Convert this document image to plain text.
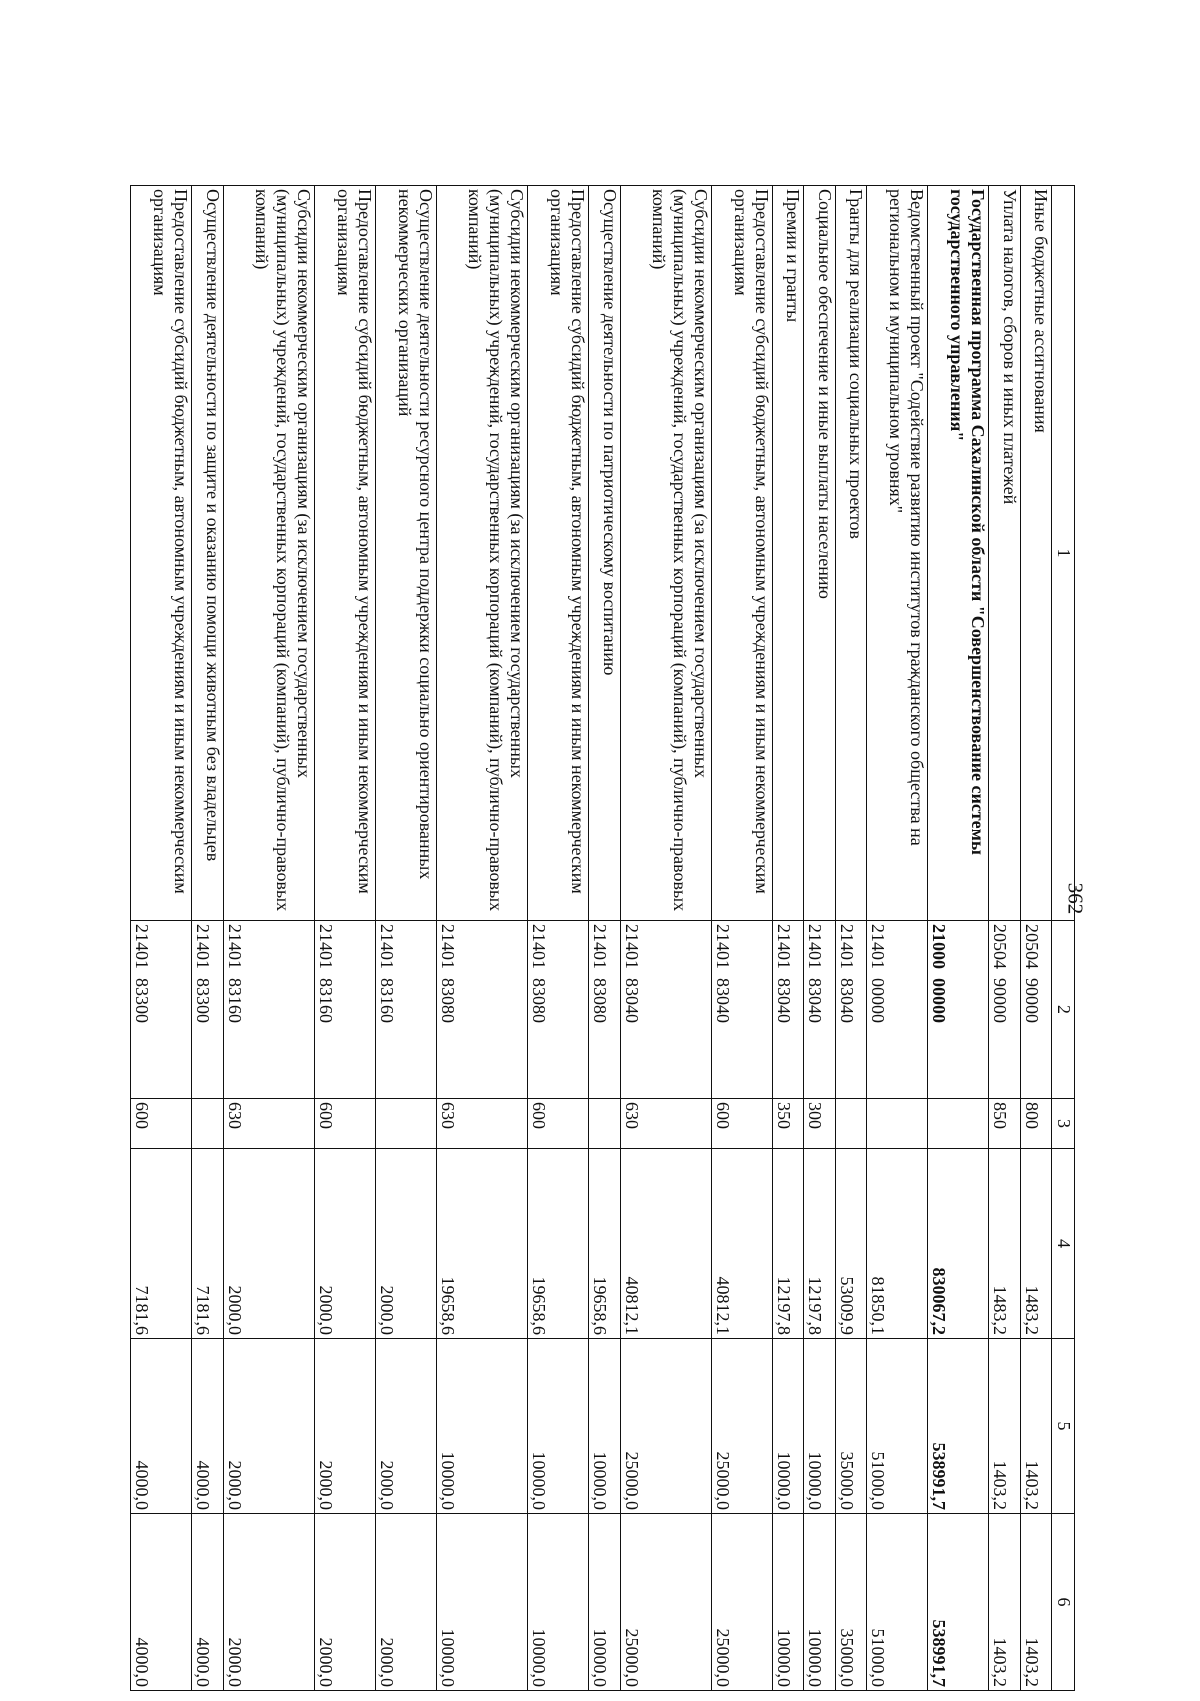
362
1	2	3	4	5	6
Иные бюджетные ассигнования	20504  90000	800	1483,2	1403,2	1403,2
Уплата налогов, сборов и иных платежей	20504  90000	850	1483,2	1403,2	1403,2
Государственная программа Сахалинской области "Совершенствование системы государственного управления"	21000  00000		830067,2	538991,7	538991,7
Ведомственный проект "Содействие развитию институтов гражданского общества на региональном и муниципальном уровнях"	21401  00000		81850,1	51000,0	51000,0
Гранты для реализации социальных проектов	21401  83040		53009,9	35000,0	35000,0
Социальное обеспечение и иные выплаты населению	21401  83040	300	12197,8	10000,0	10000,0
Премии и гранты	21401  83040	350	12197,8	10000,0	10000,0
Предоставление субсидий бюджетным, автономным учреждениям и иным некоммерческим организациям	21401  83040	600	40812,1	25000,0	25000,0
Субсидии некоммерческим организациям (за исключением государственных (муниципальных) учреждений, государственных корпораций (компаний), публично-правовых компаний)	21401  83040	630	40812,1	25000,0	25000,0
Осуществление деятельности по патриотическому воспитанию	21401  83080		19658,6	10000,0	10000,0
Предоставление субсидий бюджетным, автономным учреждениям и иным некоммерческим организациям	21401  83080	600	19658,6	10000,0	10000,0
Субсидии некоммерческим организациям (за исключением государственных (муниципальных) учреждений, государственных корпораций (компаний), публично-правовых компаний)	21401  83080	630	19658,6	10000,0	10000,0
Осуществление деятельности ресурсного центра поддержки социально ориентированных некоммерческих организаций	21401  83160		2000,0	2000,0	2000,0
Предоставление субсидий бюджетным, автономным учреждениям и иным некоммерческим организациям	21401  83160	600	2000,0	2000,0	2000,0
Субсидии некоммерческим организациям (за исключением государственных (муниципальных) учреждений, государственных корпораций (компаний), публично-правовых компаний)	21401  83160	630	2000,0	2000,0	2000,0
Осуществление деятельности по защите и оказанию помощи животным без владельцев	21401  83300		7181,6	4000,0	4000,0
Предоставление субсидий бюджетным, автономным учреждениям и иным некоммерческим организациям	21401  83300	600	7181,6	4000,0	4000,0
